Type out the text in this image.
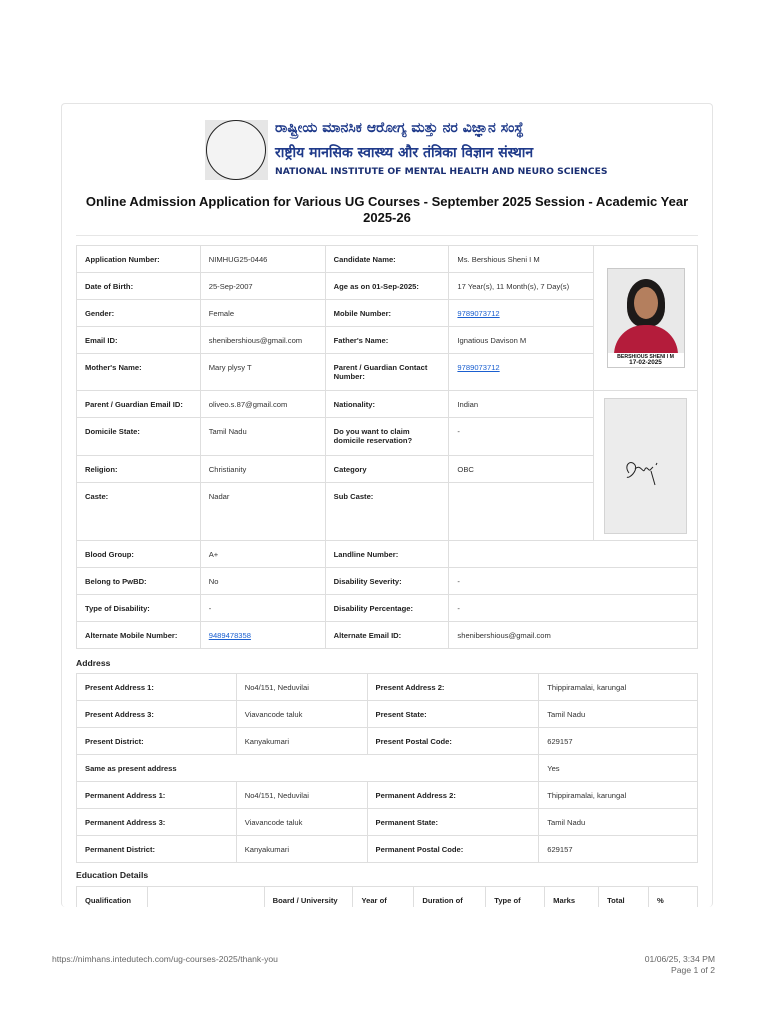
ರಾಷ್ಟ್ರೀಯ ಮಾನಸಿಕ ಆರೋಗ್ಯ ಮತ್ತು ನರ ವಿಜ್ಞಾನ ಸಂಸ್ಥೆ
राष्ट्रीय मानसिक स्वास्थ्य और तंत्रिका विज्ञान संस्थान
NATIONAL INSTITUTE OF MENTAL HEALTH AND NEURO SCIENCES
Online Admission Application for Various UG Courses - September 2025 Session - Academic Year 2025-26
Application Number:	NIMHUG25-0446	Candidate Name:	Ms. Bershious Sheni I M	BERSHIOUS SHENI I M
17-02-2025

Date of Birth:	25-Sep-2007	Age as on 01-Sep-2025:	17 Year(s), 11 Month(s), 7 Day(s)	
Gender:	Female	Mobile Number:	9789073712	
Email ID:	shenibershious@gmail.com	Father's Name:	Ignatious Davison M	
Mother's Name:	Mary plysy T	Parent / Guardian Contact Number:	9789073712	
Parent / Guardian Email ID:	oliveo.s.87@gmail.com	Nationality:	Indian	

Domicile State:	Tamil Nadu	Do you want to claim domicile reservation?	-	
Religion:	Christianity	Category	OBC	
Caste:	Nadar	Sub Caste:		
Blood Group:	A+	Landline Number:		
Belong to PwBD:	No	Disability Severity:	-	
Type of Disability:	-	Disability Percentage:	-	
Alternate Mobile Number:	9489478358	Alternate Email ID:	shenibershious@gmail.com	
Address
Present Address 1:	No4/151, Neduvilai	Present Address 2:	Thippiramalai, karungal
Present Address 3:	Viavancode taluk	Present State:	Tamil Nadu
Present District:	Kanyakumari	Present Postal Code:	629157
Same as present address			Yes
Permanent Address 1:	No4/151, Neduvilai	Permanent Address 2:	Thippiramalai, karungal
Permanent Address 3:	Viavancode taluk	Permanent State:	Tamil Nadu
Permanent District:	Kanyakumari	Permanent Postal Code:	629157
Education Details
Qualification		Board / University	Year of	Duration of	Type of	Marks	Total	%
https://nimhans.intedutech.com/ug-courses-2025/thank-you	01/06/25, 3:34 PM
Page 1 of 2
